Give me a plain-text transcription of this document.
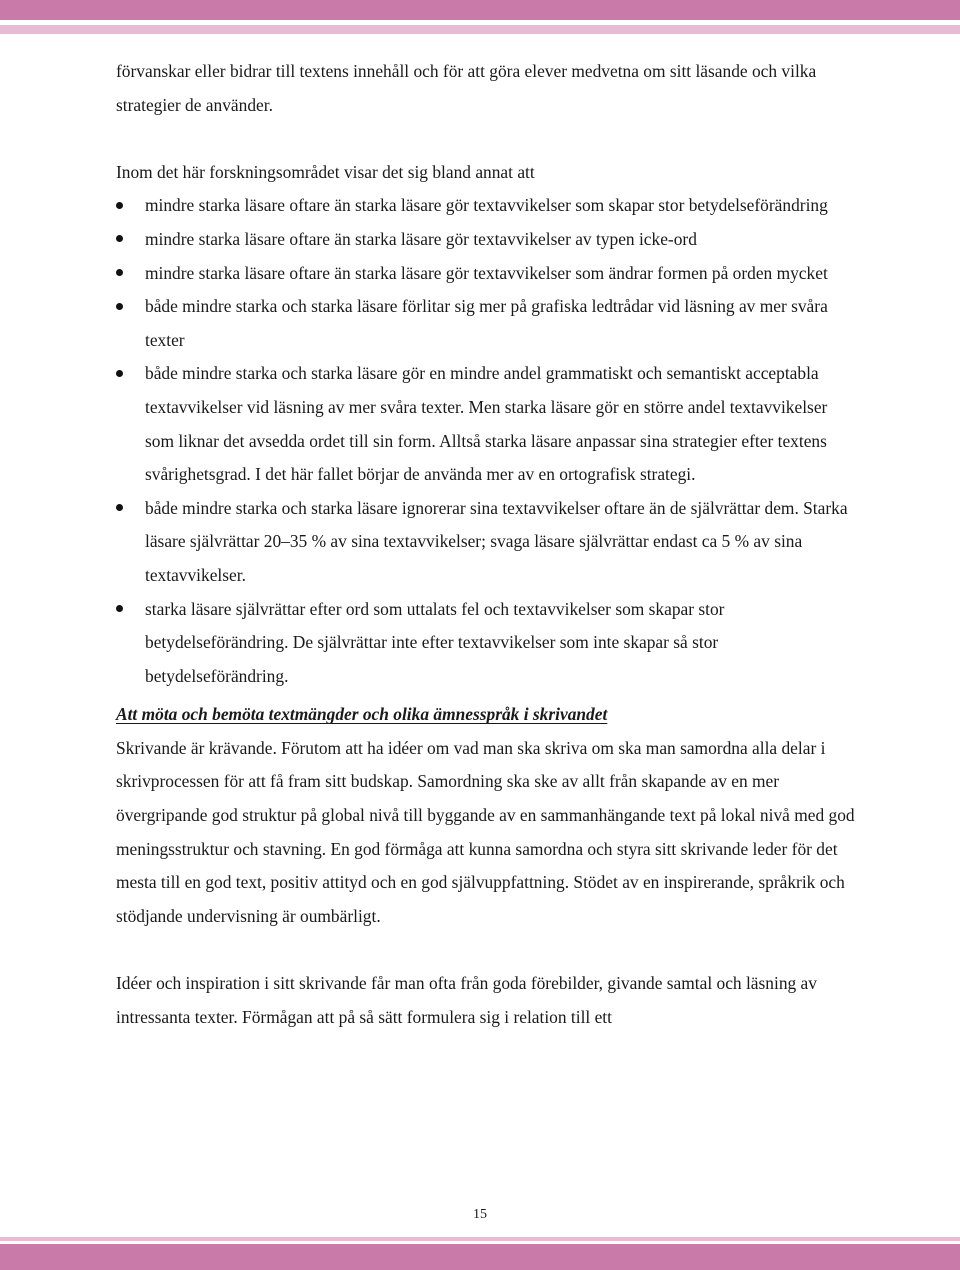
förvanskar eller bidrar till textens innehåll och för att göra elever medvetna om sitt läsande och vilka strategier de använder.

Inom det här forskningsområdet visar det sig bland annat att

mindre starka läsare oftare än starka läsare gör textavvikelser som skapar stor betydelseförändring
mindre starka läsare oftare än starka läsare gör textavvikelser av typen icke-ord
mindre starka läsare oftare än starka läsare gör textavvikelser som ändrar formen på orden mycket
både mindre starka och starka läsare förlitar sig mer på grafiska ledtrådar vid läsning av mer svåra texter
både mindre starka och starka läsare gör en mindre andel grammatiskt och semantiskt acceptabla textavvikelser vid läsning av mer svåra texter. Men starka läsare gör en större andel textavvikelser som liknar det avsedda ordet till sin form. Alltså starka läsare anpassar sina strategier efter textens svårighetsgrad. I det här fallet börjar de använda mer av en ortografisk strategi.
både mindre starka och starka läsare ignorerar sina textavvikelser oftare än de självrättar dem. Starka läsare självrättar 20–35 % av sina textavvikelser; svaga läsare självrättar endast ca 5 % av sina textavvikelser.
starka läsare självrättar efter ord som uttalats fel och textavvikelser som skapar stor betydelseförändring. De självrättar inte efter textavvikelser som inte skapar så stor betydelseförändring.

Att möta och bemöta textmängder och olika ämnesspråk i skrivandet

Skrivande är krävande. Förutom att ha idéer om vad man ska skriva om ska man samordna alla delar i skrivprocessen för att få fram sitt budskap. Samordning ska ske av allt från skapande av en mer övergripande god struktur på global nivå till byggande av en sammanhängande text på lokal nivå med god meningsstruktur och stavning. En god förmåga att kunna samordna och styra sitt skrivande leder för det mesta till en god text, positiv attityd och en god självuppfattning. Stödet av en inspirerande, språkrik och stödjande undervisning är oumbärligt.

Idéer och inspiration i sitt skrivande får man ofta från goda förebilder, givande samtal och läsning av intressanta texter. Förmågan att på så sätt formulera sig i relation till ett

15
